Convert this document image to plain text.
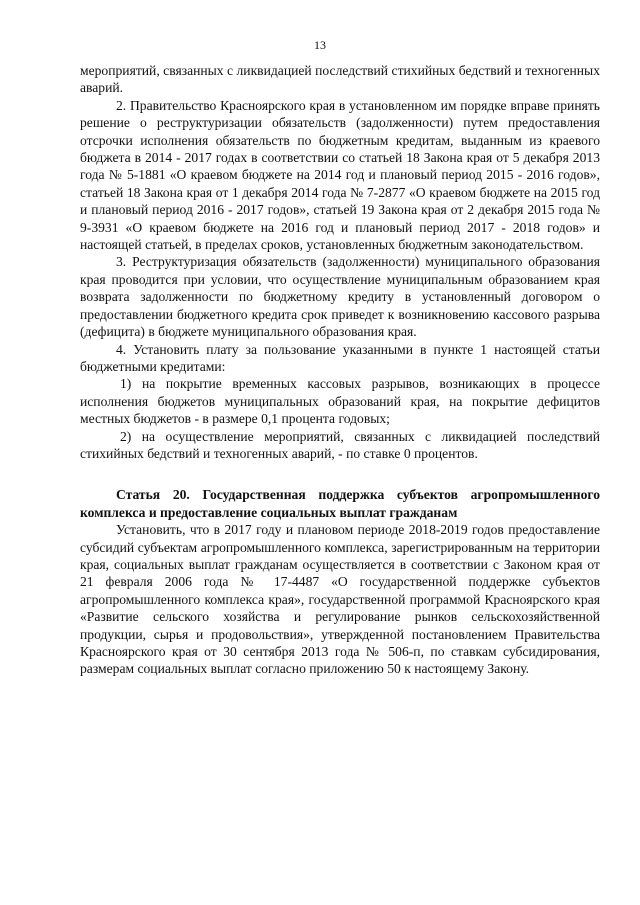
13

мероприятий, связанных с ликвидацией последствий стихийных бедствий и техногенных аварий.

2. Правительство Красноярского края в установленном им порядке вправе принять решение о реструктуризации обязательств (задолженности) путем предоставления отсрочки исполнения обязательств по бюджетным кредитам, выданным из краевого бюджета в 2014 - 2017 годах в соответствии со статьей 18 Закона края от 5 декабря 2013 года № 5-1881 «О краевом бюджете на 2014 год и плановый период 2015 - 2016 годов», статьей 18 Закона края от 1 декабря 2014 года № 7-2877 «О краевом бюджете на 2015 год и плановый период 2016 - 2017 годов», статьей 19 Закона края от 2 декабря 2015 года № 9-3931 «О краевом бюджете на 2016 год и плановый период 2017 - 2018 годов» и настоящей статьей, в пределах сроков, установленных бюджетным законодательством.

3. Реструктуризация обязательств (задолженности) муниципального образования края проводится при условии, что осуществление муниципальным образованием края возврата задолженности по бюджетному кредиту в установленный договором о предоставлении бюджетного кредита срок приведет к возникновению кассового разрыва (дефицита) в бюджете муниципального образования края.

4. Установить плату за пользование указанными в пункте 1 настоящей статьи бюджетными кредитами:

1) на покрытие временных кассовых разрывов, возникающих в процессе исполнения бюджетов муниципальных образований края, на покрытие дефицитов местных бюджетов - в размере 0,1 процента годовых;

2) на осуществление мероприятий, связанных с ликвидацией последствий стихийных бедствий и техногенных аварий, - по ставке 0 процентов.

Статья 20. Государственная поддержка субъектов агропромышленного комплекса и предоставление социальных выплат гражданам

Установить, что в 2017 году и плановом периоде 2018-2019 годов предоставление субсидий субъектам агропромышленного комплекса, зарегистрированным на территории края, социальных выплат гражданам осуществляется в соответствии с Законом края от 21 февраля 2006 года № 17-4487 «О государственной поддержке субъектов агропромышленного комплекса края», государственной программой Красноярского края «Развитие сельского хозяйства и регулирование рынков сельскохозяйственной продукции, сырья и продовольствия», утвержденной постановлением Правительства Красноярского края от 30 сентября 2013 года № 506-п, по ставкам субсидирования, размерам социальных выплат согласно приложению 50 к настоящему Закону.
